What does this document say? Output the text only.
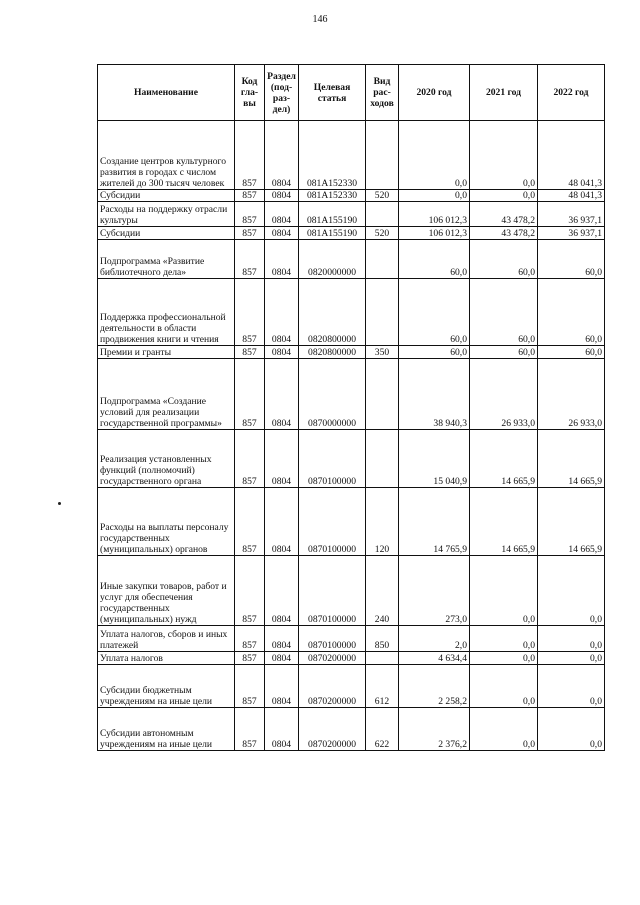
146
Наименование	Код гла-вы	Раздел (под-раз-дел)	Целевая статья	Вид рас-ходов	2020 год	2021 год	2022 год
Создание центров культурного развития в городах с числом жителей до 300 тысяч человек	857	0804	081A152330		0,0	0,0	48 041,3
Субсидии	857	0804	081A152330	520	0,0	0,0	48 041,3
Расходы на поддержку отрасли культуры	857	0804	081A155190		106 012,3	43 478,2	36 937,1
Субсидии	857	0804	081A155190	520	106 012,3	43 478,2	36 937,1
Подпрограмма «Развитие библиотечного дела»	857	0804	0820000000		60,0	60,0	60,0
Поддержка профессиональной деятельности в области продвижения книги и чтения	857	0804	0820800000		60,0	60,0	60,0
Премии и гранты	857	0804	0820800000	350	60,0	60,0	60,0
Подпрограмма «Создание условий для реализации государственной программы»	857	0804	0870000000		38 940,3	26 933,0	26 933,0
Реализация установленных функций (полномочий) государственного органа	857	0804	0870100000		15 040,9	14 665,9	14 665,9
Расходы на выплаты персоналу государственных (муниципальных) органов	857	0804	0870100000	120	14 765,9	14 665,9	14 665,9
Иные закупки товаров, работ и услуг для обеспечения государственных (муниципальных) нужд	857	0804	0870100000	240	273,0	0,0	0,0
Уплата налогов, сборов и иных платежей	857	0804	0870100000	850	2,0	0,0	0,0
Уплата налогов	857	0804	0870200000		4 634,4	0,0	0,0
Субсидии бюджетным учреждениям на иные цели	857	0804	0870200000	612	2 258,2	0,0	0,0
Субсидии автономным учреждениям на иные цели	857	0804	0870200000	622	2 376,2	0,0	0,0
